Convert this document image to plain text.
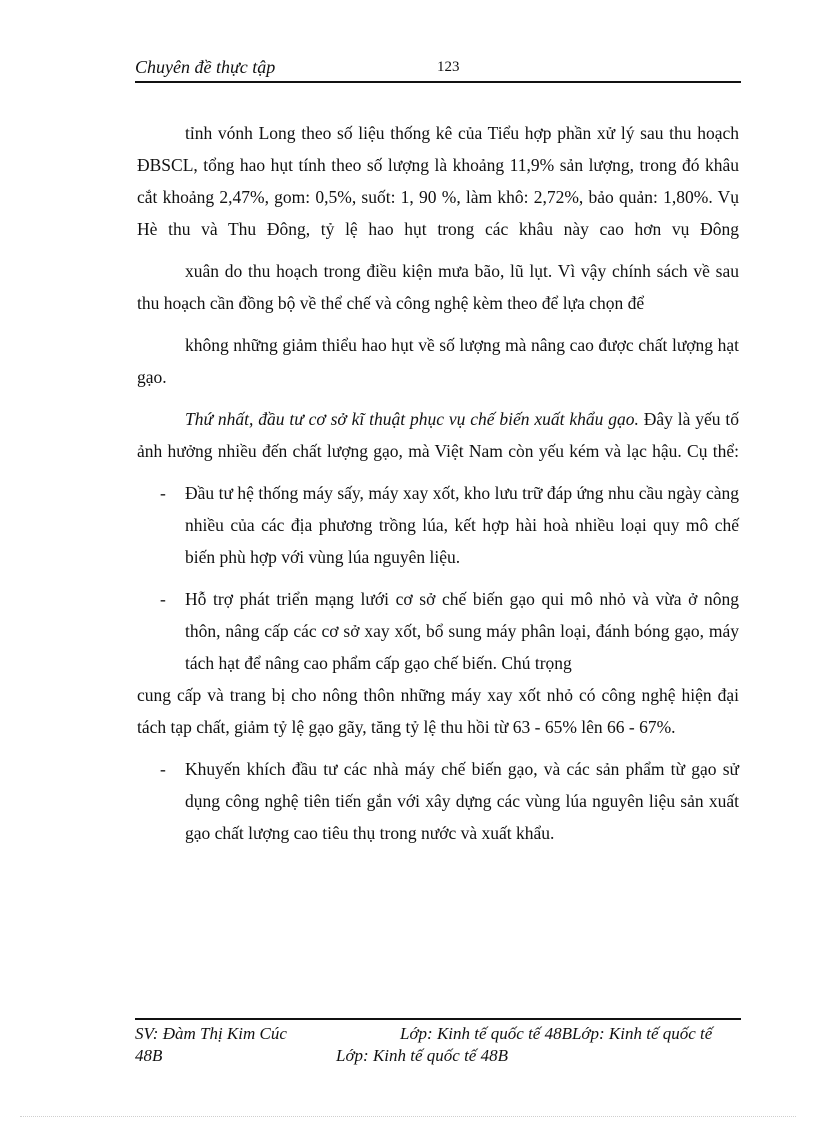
Chuyên đề thực tập	123

tỉnh vónh Long theo số liệu thống kê của Tiểu hợp phần xử lý sau thu hoạch ĐBSCL, tổng hao hụt tính theo số lượng là khoảng 11,9% sản lượng, trong đó khâu cắt khoảng 2,47%, gom: 0,5%, suốt: 1, 90 %, làm khô: 2,72%, bảo quản: 1,80%. Vụ Hè thu và Thu Đông, tỷ lệ hao hụt trong các khâu này cao hơn vụ Đông

xuân do thu hoạch trong điều kiện mưa bão, lũ lụt. Vì vậy chính sách về sau thu hoạch cần đồng bộ về thể chế và công nghệ kèm theo để lựa chọn để

không những giảm thiểu hao hụt về số lượng mà nâng cao được chất lượng hạt gạo.

Thứ nhất, đầu tư cơ sở kĩ thuật phục vụ chế biến xuất khẩu gạo. Đây là yếu tố ảnh hưởng nhiều đến chất lượng gạo, mà Việt Nam còn yếu kém và lạc hậu. Cụ thể:

- Đầu tư hệ thống máy sấy, máy xay xốt, kho lưu trữ đáp ứng nhu cầu ngày càng nhiều của các địa phương trồng lúa, kết hợp hài hoà nhiều loại quy mô chế biến phù hợp với vùng lúa nguyên liệu.
- Hỗ trợ phát triển mạng lưới cơ sở chế biến gạo qui mô nhỏ và vừa ở nông thôn, nâng cấp các cơ sở xay xốt, bổ sung máy phân loại, đánh bóng gạo, máy tách hạt để nâng cao phẩm cấp gạo chế biến. Chú trọng

cung cấp và trang bị cho nông thôn những máy xay xốt nhỏ có công nghệ hiện đại tách tạp chất, giảm tỷ lệ gạo gãy, tăng tỷ lệ thu hồi từ 63 - 65% lên 66 - 67%.

- Khuyến khích đầu tư các nhà máy chế biến gạo, và các sản phẩm từ gạo sử dụng công nghệ tiên tiến gắn với xây dựng các vùng lúa nguyên liệu sản xuất gạo chất lượng cao tiêu thụ trong nước và xuất khẩu.
SV: Đàm Thị Kim Cúc	Lớp: Kinh tế quốc tế 48BLớp: Kinh tế quốc tế
48B	Lớp: Kinh tế quốc tế 48B
